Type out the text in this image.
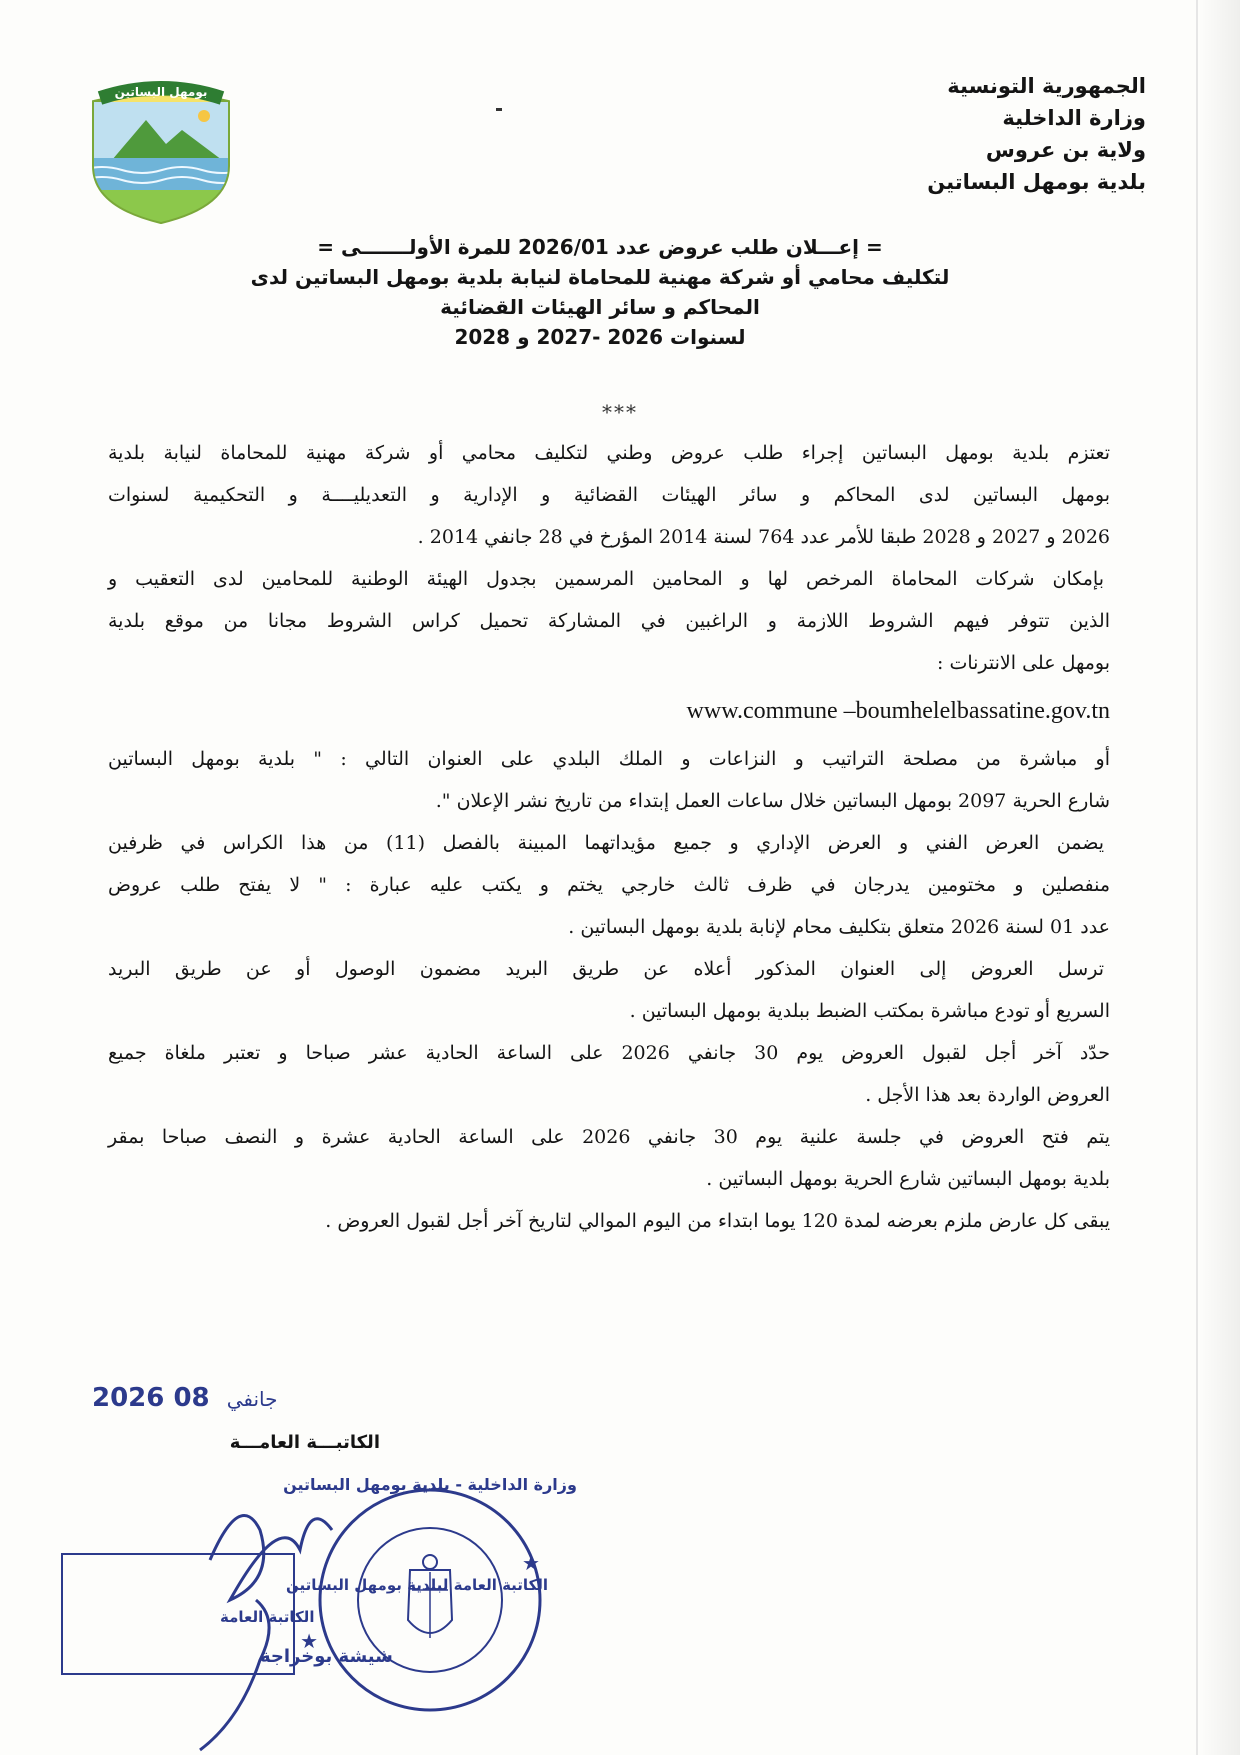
الجمهورية التونسية
وزارة الداخلية
ولاية بن عروس
بلدية بومهل البساتين
بومهل البساتين
= إعـــلان طلب عروض عدد 2026/01 للمرة الأولـــــــى =
لتكليف محامي أو شركة مهنية للمحاماة لنيابة بلدية بومهل البساتين لدى
المحاكم و سائر الهيئات القضائية
لسنوات 2026 -2027 و 2028
***
تعتزم بلدية بومهل البساتين إجراء طلب عروض وطني لتكليف محامي أو شركة مهنية للمحاماة لنيابة بلدية
بومهل البساتين لدى المحاكم و سائر الهيئات القضائية و الإدارية و التعديليــــة و التحكيمية لسنوات
2026 و 2027 و 2028 طبقا للأمر عدد 764 لسنة 2014 المؤرخ في 28 جانفي 2014 .
بإمكان شركات المحاماة المرخص لها و المحامين المرسمين بجدول الهيئة الوطنية للمحامين لدى التعقيب و
الذين تتوفر فيهم الشروط اللازمة و الراغبين في المشاركة تحميل كراس الشروط مجانا من موقع بلدية
بومهل على الانترنات :
www.commune –boumhelelbassatine.gov.tn
أو مباشرة من مصلحة التراتيب و النزاعات و الملك البلدي على العنوان التالي : " بلدية بومهل البساتين
شارع الحرية 2097 بومهل البساتين خلال ساعات العمل إبتداء من تاريخ نشر الإعلان ".
يضمن العرض الفني و العرض الإداري و جميع مؤيداتهما المبينة بالفصل (11) من هذا الكراس في ظرفين
منفصلين و مختومين يدرجان في ظرف ثالث خارجي يختم و يكتب عليه عبارة : " لا يفتح طلب عروض
عدد 01 لسنة 2026 متعلق بتكليف محام لإنابة بلدية بومهل البساتين .
ترسل العروض إلى العنوان المذكور أعلاه عن طريق البريد مضمون الوصول أو عن طريق البريد
السريع أو تودع مباشرة بمكتب الضبط ببلدية بومهل البساتين .
حدّد آخر أجل لقبول العروض يوم 30 جانفي 2026 على الساعة الحادية عشر صباحا و تعتبر ملغاة جميع
العروض الواردة بعد هذا الأجل .
يتم فتح العروض في جلسة علنية يوم 30 جانفي 2026 على الساعة الحادية عشرة و النصف صباحا بمقر
بلدية بومهل البساتين شارع الحرية بومهل البساتين .
يبقى كل عارض ملزم بعرضه لمدة 120 يوما ابتداء من اليوم الموالي لتاريخ آخر أجل لقبول العروض .
2026	جانفي 08
الكاتبـــة العامـــة
وزارة الداخلية - بلدية بومهل البساتين
★
★
الكاتبة العامة لبلدية بومهل البساتين
الكاتبة العامة
شيشة بوخراجة
